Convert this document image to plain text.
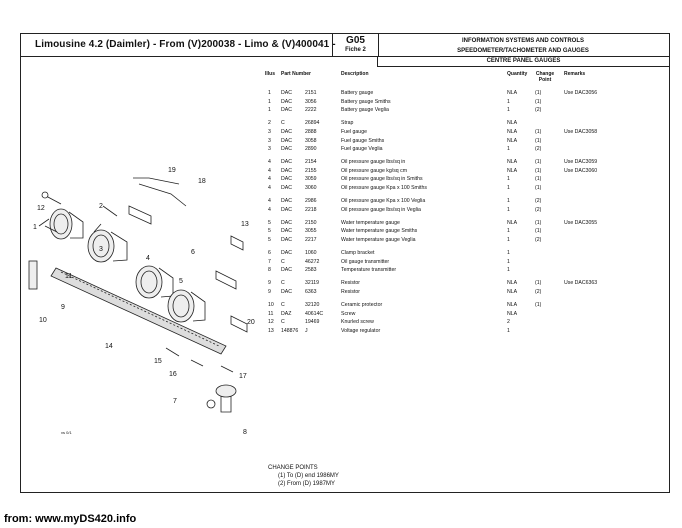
Limousine 4.2 (Daimler) - From (V)200038 - Limo & (V)400041 -	G05
Fiche 2
INFORMATION SYSTEMS AND CONTROLS
SPEEDOMETER/TACHOMETER AND GAUGES
CENTRE PANEL GAUGES
Illus Part Number	Description	Quantity	Change Point
Remarks
1 DAC	2151	Battery gauge	NLA	(1)	Use DAC3056
1 DAC	3056	Battery gauge Smiths	1	(1)
1 DAC	2222	Battery gauge Veglia	1	(2)
2 C	26894	Strap	NLA
3 DAC	2888	Fuel gauge	NLA	(1)	Use DAC3058
3 DAC	3058	Fuel gauge Smiths	NLA	(1)
3 DAC	2890	Fuel gauge Veglia	1	(2)
4 DAC	2154	Oil pressure gauge lbs/sq in	NLA	(1)	Use DAC3059
4 DAC	2155	Oil pressure gauge kg/sq cm	NLA	(1)	Use DAC3060
4 DAC	3059	Oil pressure gauge lbs/sq in Smiths	1	(1)
4 DAC	3060	Oil pressure gauge Kpa x 100 Smiths	1	(1)
4 DAC	2986	Oil pressure gauge Kpa x 100 Veglia	1	(2)
4 DAC	2218	Oil pressure gauge lbs/sq in Veglia	1	(2)
5 DAC	2150	Water temperature gauge	NLA	(1)	Use DAC3055
5 DAC	3055	Water temperature gauge Smiths	1	(1)
5 DAC	2217	Water temperature gauge Veglia	1	(2)
6 DAC	1060	Clamp bracket	1
7 C	46272	Oil gauge transmitter	1
8 DAC	2583	Temperature transmitter	1
9 C	32119	Resistor	NLA	(1)	Use DAC6363
9 DAC	6363	Resistor	NLA	(2)
10 C	32120	Ceramic protector	NLA	(1)
11 DAZ	40614C	Screw	NLA
12 C	19469	Knurled screw	2
13 148876 J	Voltage regulator	1
1
2
3
4
5
6
7
8
9
10
11
12
13
14
15
16	17
18
19
20
vs 0/1
CHANGE POINTS
(1) To (D) end 1986MY
(2) From (D) 1987MY
from: www.myDS420.info
